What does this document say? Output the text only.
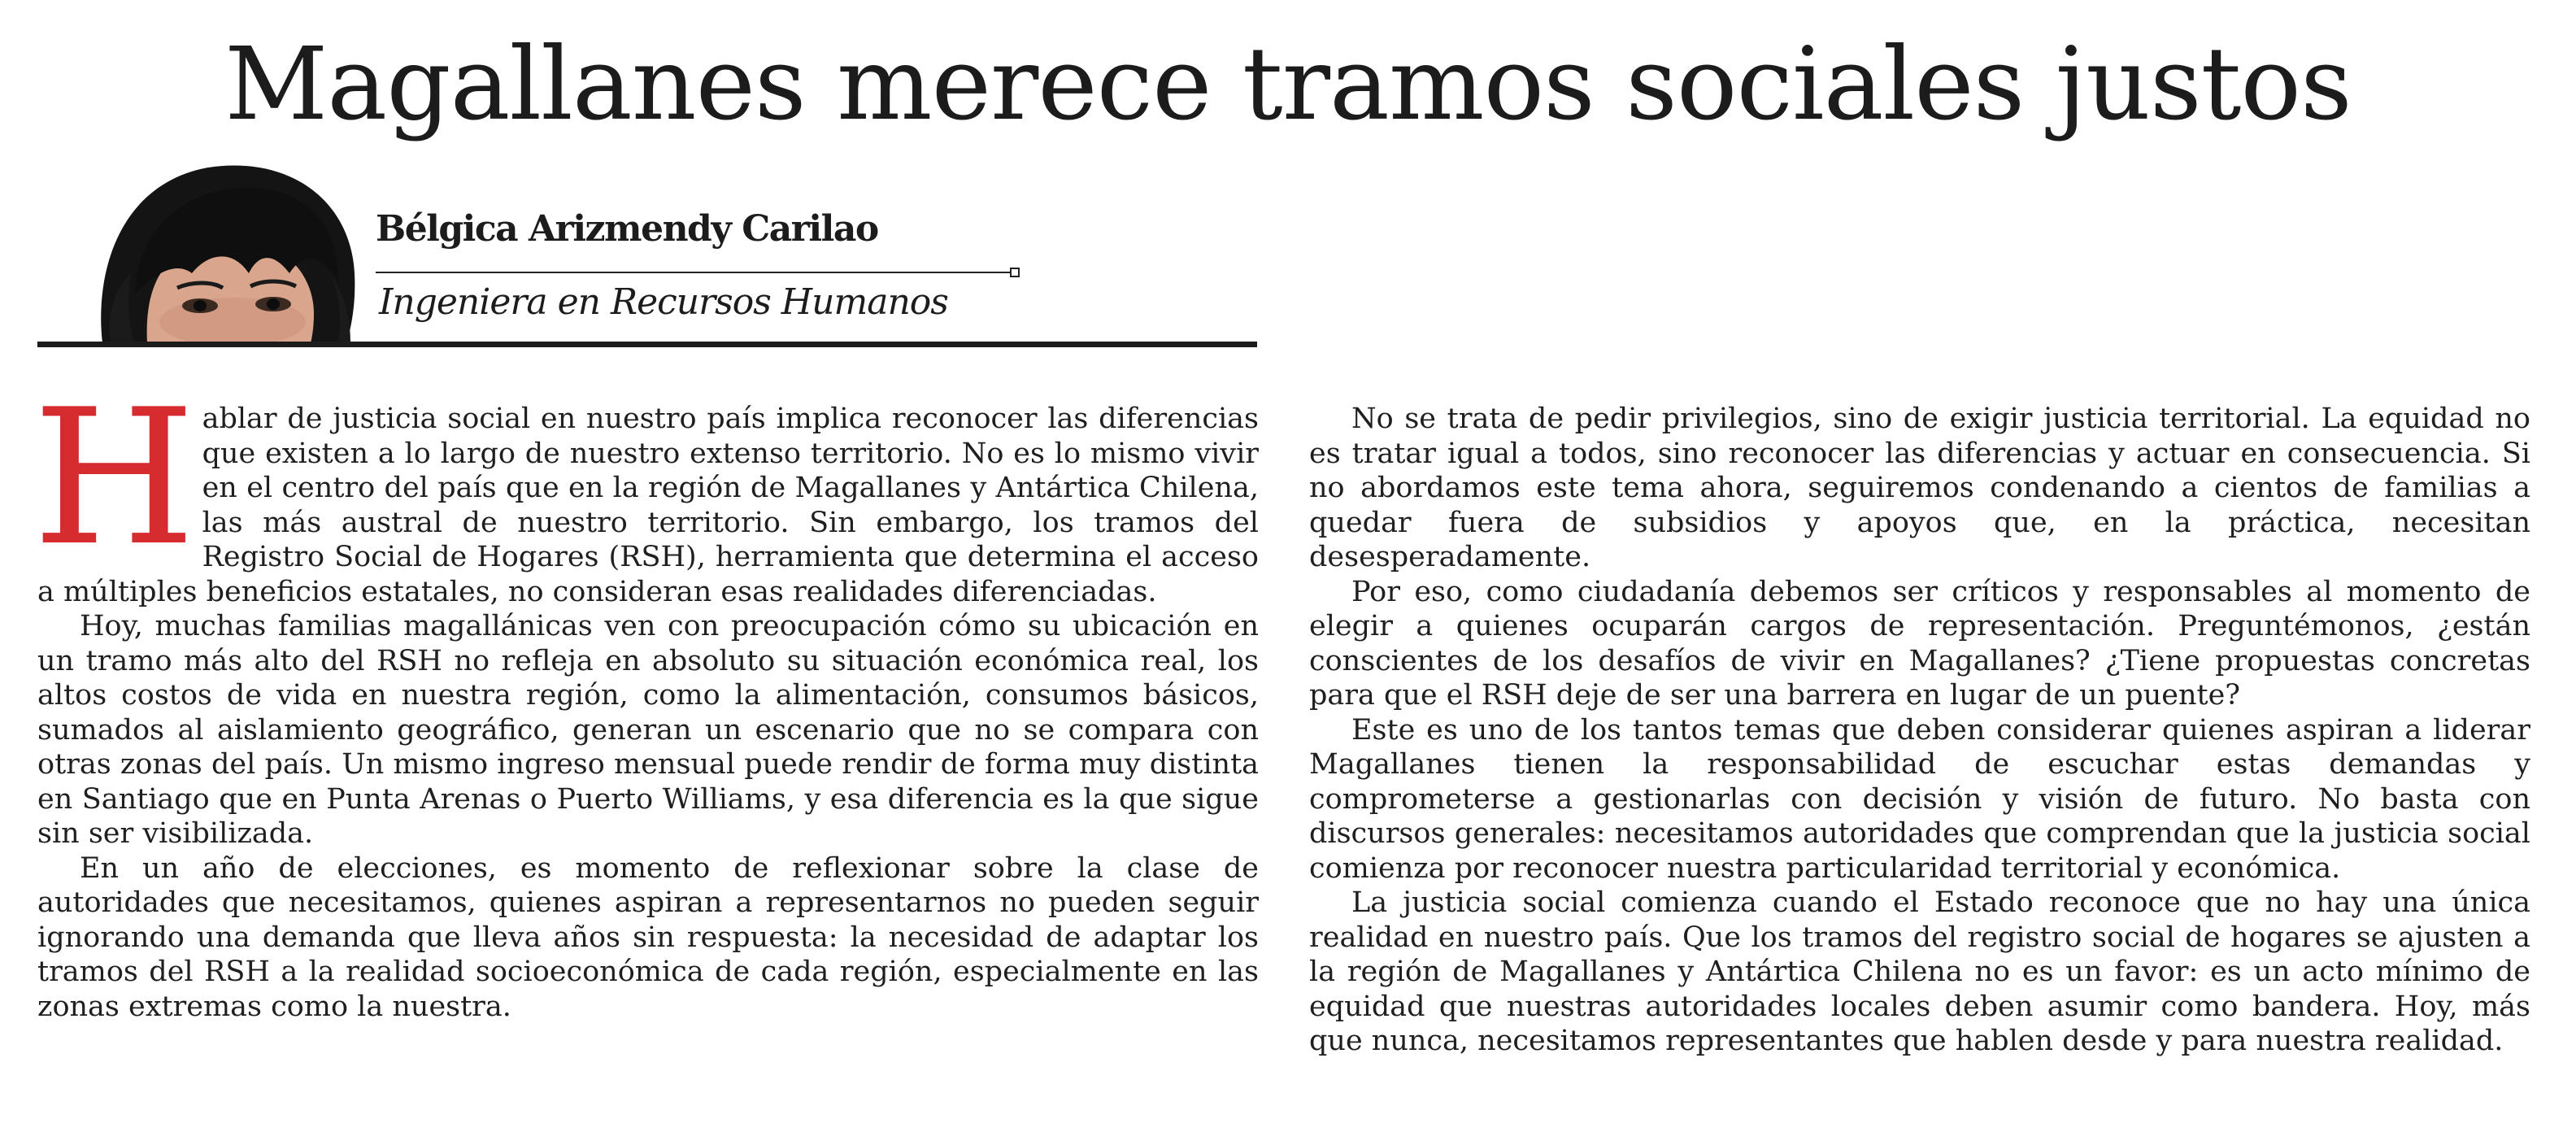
Magallanes merece tramos sociales justos
Bélgica Arizmendy Carilao
Ingeniera en Recursos Humanos

Hablar de justicia social en nuestro país implica reconocer las diferencias que existen a lo largo de nuestro extenso territorio. No es lo mismo vivir en el centro del país que en la región de Magallanes y Antártica Chilena, las más austral de nuestro territorio. Sin embargo, los tramos del Registro Social de Hogares (RSH), herramienta que determina el acceso a múltiples beneficios estatales, no consideran esas realidades diferenciadas.

Hoy, muchas familias magallánicas ven con preocupación cómo su ubicación en un tramo más alto del RSH no refleja en absoluto su situación económica real, los altos costos de vida en nuestra región, como la alimentación, consumos básicos, sumados al aislamiento geográfico, generan un escenario que no se compara con otras zonas del país. Un mismo ingreso mensual puede rendir de forma muy distinta en Santiago que en Punta Arenas o Puerto Williams, y esa diferencia es la que sigue sin ser visibilizada.

En un año de elecciones, es momento de reflexionar sobre la clase de autoridades que necesitamos, quienes aspiran a representarnos no pueden seguir ignorando una demanda que lleva años sin respuesta: la necesidad de adaptar los tramos del RSH a la realidad socioeconómica de cada región, especialmente en las zonas extremas como la nuestra.

No se trata de pedir privilegios, sino de exigir justicia territorial. La equidad no es tratar igual a todos, sino reconocer las diferencias y actuar en consecuencia. Si no abordamos este tema ahora, seguiremos condenando a cientos de familias a quedar fuera de subsidios y apoyos que, en la práctica, necesitan desesperadamente.

Por eso, como ciudadanía debemos ser críticos y responsables al momento de elegir a quienes ocuparán cargos de representación. Preguntémonos, ¿están conscientes de los desafíos de vivir en Magallanes? ¿Tiene propuestas concretas para que el RSH deje de ser una barrera en lugar de un puente?

Este es uno de los tantos temas que deben considerar quienes aspiran a liderar Magallanes tienen la responsabilidad de escuchar estas demandas y comprometerse a gestionarlas con decisión y visión de futuro. No basta con discursos generales: necesitamos autoridades que comprendan que la justicia social comienza por reconocer nuestra particularidad territorial y económica.

La justicia social comienza cuando el Estado reconoce que no hay una única realidad en nuestro país. Que los tramos del registro social de hogares se ajusten a la región de Magallanes y Antártica Chilena no es un favor: es un acto mínimo de equidad que nuestras autoridades locales deben asumir como bandera. Hoy, más que nunca, necesitamos representantes que hablen desde y para nuestra realidad.
